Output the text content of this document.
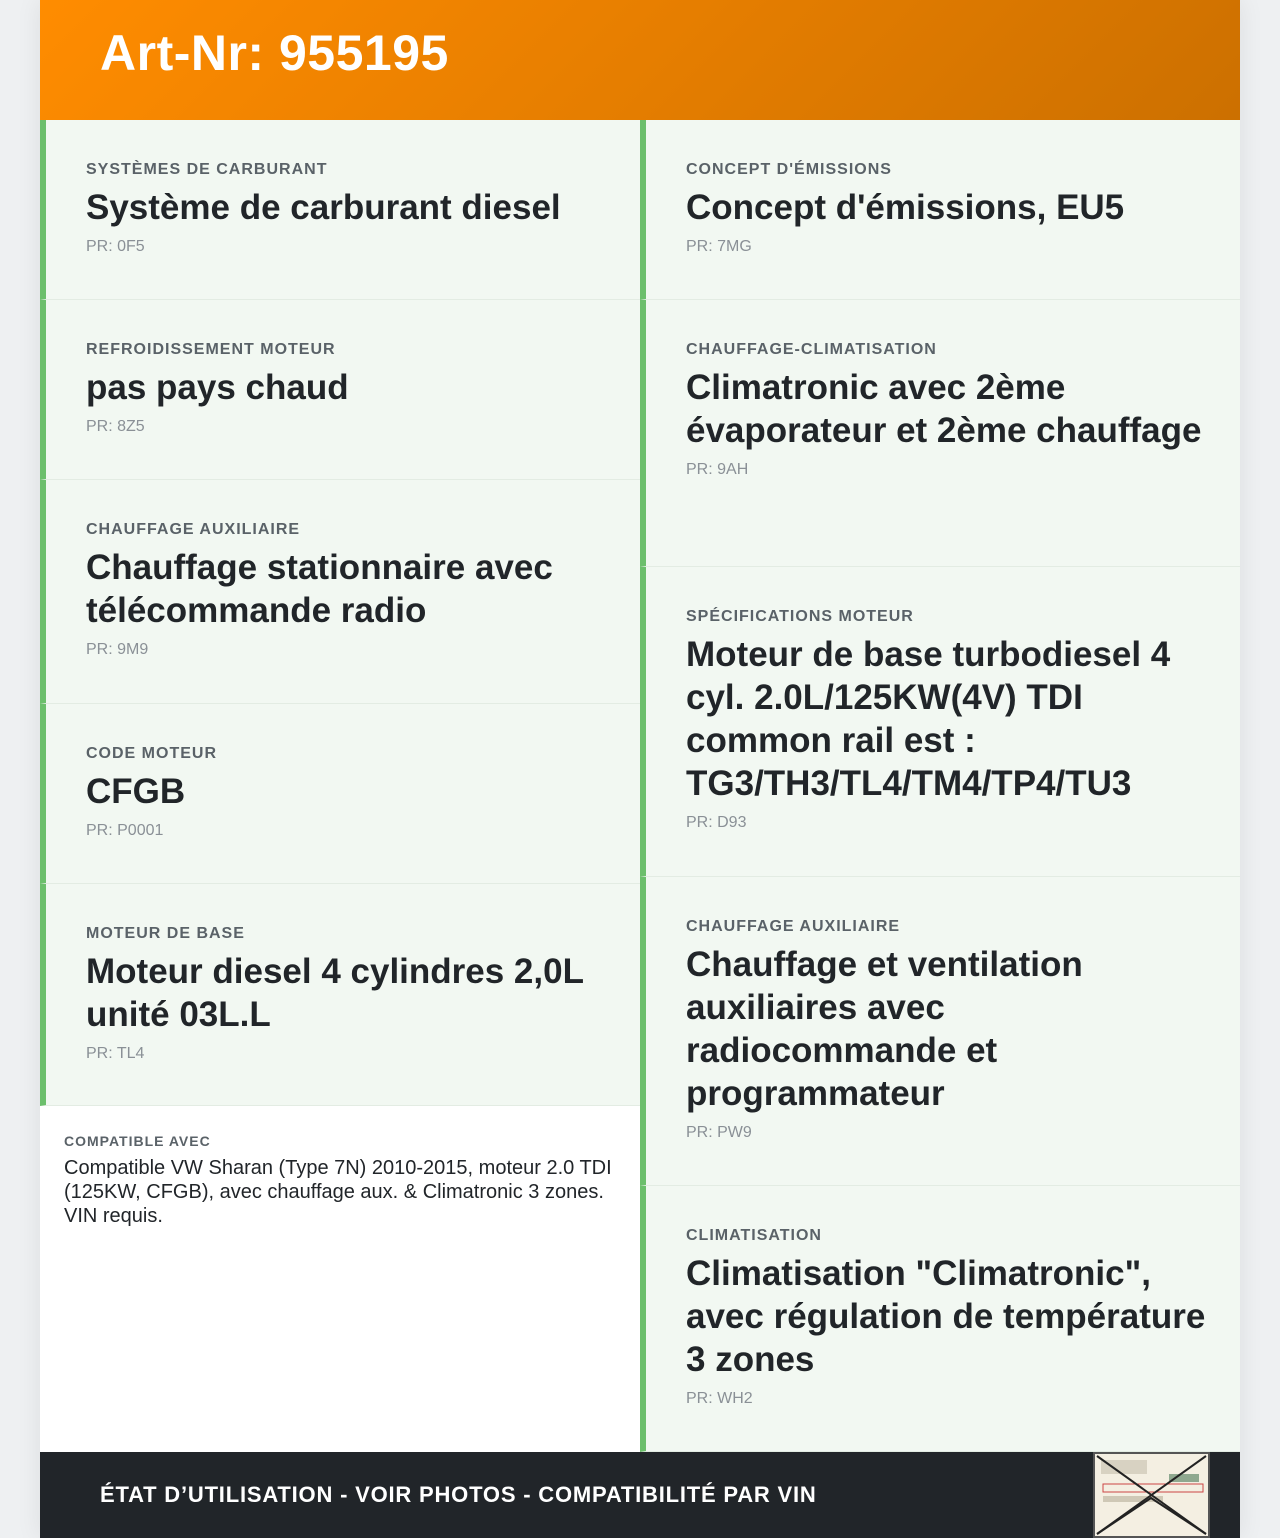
Art-Nr: 955195
SYSTÈMES DE CARBURANT
Système de carburant diesel
PR: 0F5
REFROIDISSEMENT MOTEUR
pas pays chaud
PR: 8Z5
CHAUFFAGE AUXILIAIRE
Chauffage stationnaire avec télécommande radio
PR: 9M9
CODE MOTEUR
CFGB
PR: P0001
MOTEUR DE BASE
Moteur diesel 4 cylindres 2,0L unité 03L.L
PR: TL4
COMPATIBLE AVEC
Compatible VW Sharan (Type 7N) 2010-2015, moteur 2.0 TDI (125KW, CFGB), avec chauffage aux. & Climatronic 3 zones. VIN requis.
CONCEPT D'ÉMISSIONS
Concept d'émissions, EU5
PR: 7MG
CHAUFFAGE-CLIMATISATION
Climatronic avec 2ème évaporateur et 2ème chauffage
PR: 9AH
SPÉCIFICATIONS MOTEUR
Moteur de base turbodiesel 4 cyl. 2.0L/125KW(4V) TDI common rail est : TG3/TH3/TL4/TM4/TP4/TU3
PR: D93
CHAUFFAGE AUXILIAIRE
Chauffage et ventilation auxiliaires avec radiocommande et programmateur
PR: PW9
CLIMATISATION
Climatisation "Climatronic", avec régulation de température 3 zones
PR: WH2
ÉTAT D’UTILISATION - VOIR PHOTOS - COMPATIBILITÉ PAR VIN
